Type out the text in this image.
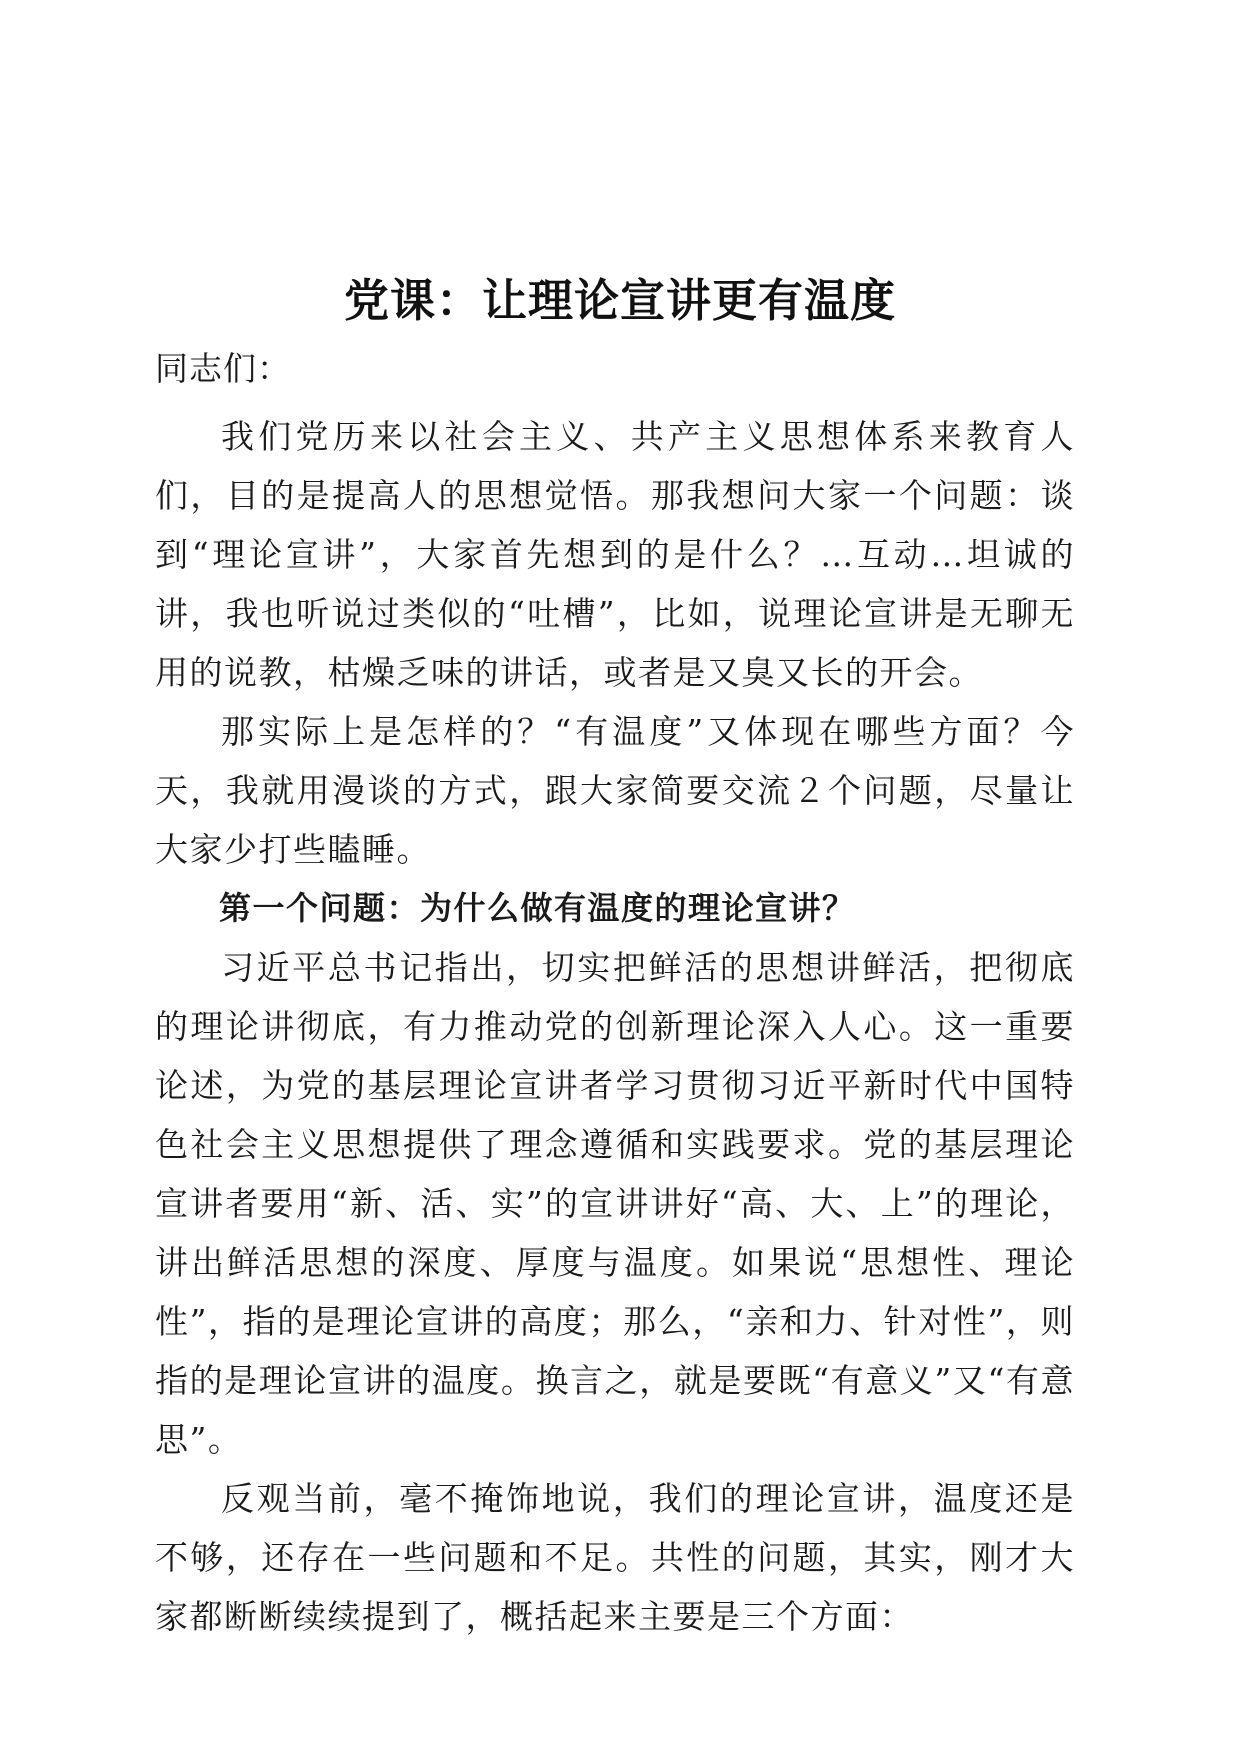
党课：让理论宣讲更有温度

同志们：

我们党历来以社会主义、共产主义思想体系来教育人们，目的是提高人的思想觉悟。那我想问大家一个问题：谈到“理论宣讲”，大家首先想到的是什么？…互动…坦诚的讲，我也听说过类似的“吐槽”，比如，说理论宣讲是无聊无用的说教，枯燥乏味的讲话，或者是又臭又长的开会。

那实际上是怎样的？“有温度”又体现在哪些方面？今天，我就用漫谈的方式，跟大家简要交流２个问题，尽量让大家少打些瞌睡。

第一个问题：为什么做有温度的理论宣讲？

习近平总书记指出，切实把鲜活的思想讲鲜活，把彻底的理论讲彻底，有力推动党的创新理论深入人心。这一重要论述，为党的基层理论宣讲者学习贯彻习近平新时代中国特色社会主义思想提供了理念遵循和实践要求。党的基层理论宣讲者要用“新、活、实”的宣讲讲好“高、大、上”的理论，讲出鲜活思想的深度、厚度与温度。如果说“思想性、理论性”，指的是理论宣讲的高度；那么，“亲和力、针对性”，则指的是理论宣讲的温度。换言之，就是要既“有意义”又“有意思”。

反观当前，毫不掩饰地说，我们的理论宣讲，温度还是不够，还存在一些问题和不足。共性的问题，其实，刚才大家都断断续续提到了，概括起来主要是三个方面：
